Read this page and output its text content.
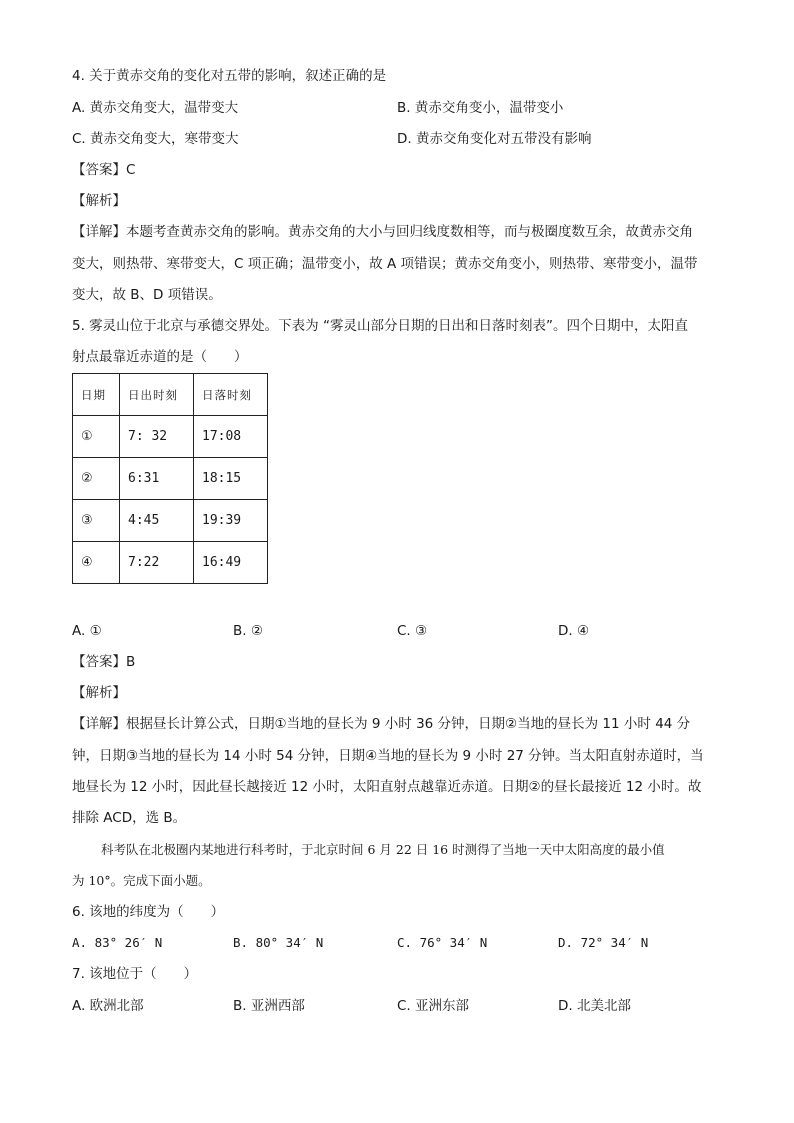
4. 关于黄赤交角的变化对五带的影响，叙述正确的是
A. 黄赤交角变大，温带变大	B. 黄赤交角变小，温带变小
C. 黄赤交角变大，寒带变大	D. 黄赤交角变化对五带没有影响
【答案】C
【解析】
【详解】本题考查黄赤交角的影响。黄赤交角的大小与回归线度数相等，而与极圈度数互余，故黄赤交角
变大，则热带、寒带变大，C 项正确；温带变小，故 A 项错误；黄赤交角变小，则热带、寒带变小，温带
变大，故 B、D 项错误。
5. 雾灵山位于北京与承德交界处。下表为 “雾灵山部分日期的日出和日落时刻表”。四个日期中，太阳直
射点最靠近赤道的是（　　）
日期	日出时刻	日落时刻
①	7: 32	17:08
②	6:31	18:15
③	4:45	19:39
④	7:22	16:49
A. ①	B. ②	C. ③	D. ④
【答案】B
【解析】
【详解】根据昼长计算公式，日期①当地的昼长为 9 小时 36 分钟，日期②当地的昼长为 11 小时 44 分
钟，日期③当地的昼长为 14 小时 54 分钟，日期④当地的昼长为 9 小时 27 分钟。当太阳直射赤道时，当
地昼长为 12 小时，因此昼长越接近 12 小时，太阳直射点越靠近赤道。日期②的昼长最接近 12 小时。故
排除 ACD，选 B。
科考队在北极圈内某地进行科考时，于北京时间 6 月 22 日 16 时测得了当地一天中太阳高度的最小值
为 10°。完成下面小题。
6. 该地的纬度为（　　）
A. 83° 26′ N	B. 80° 34′ N	C. 76° 34′ N	D. 72° 34′ N
7. 该地位于（　　）
A. 欧洲北部	B. 亚洲西部	C. 亚洲东部	D. 北美北部
